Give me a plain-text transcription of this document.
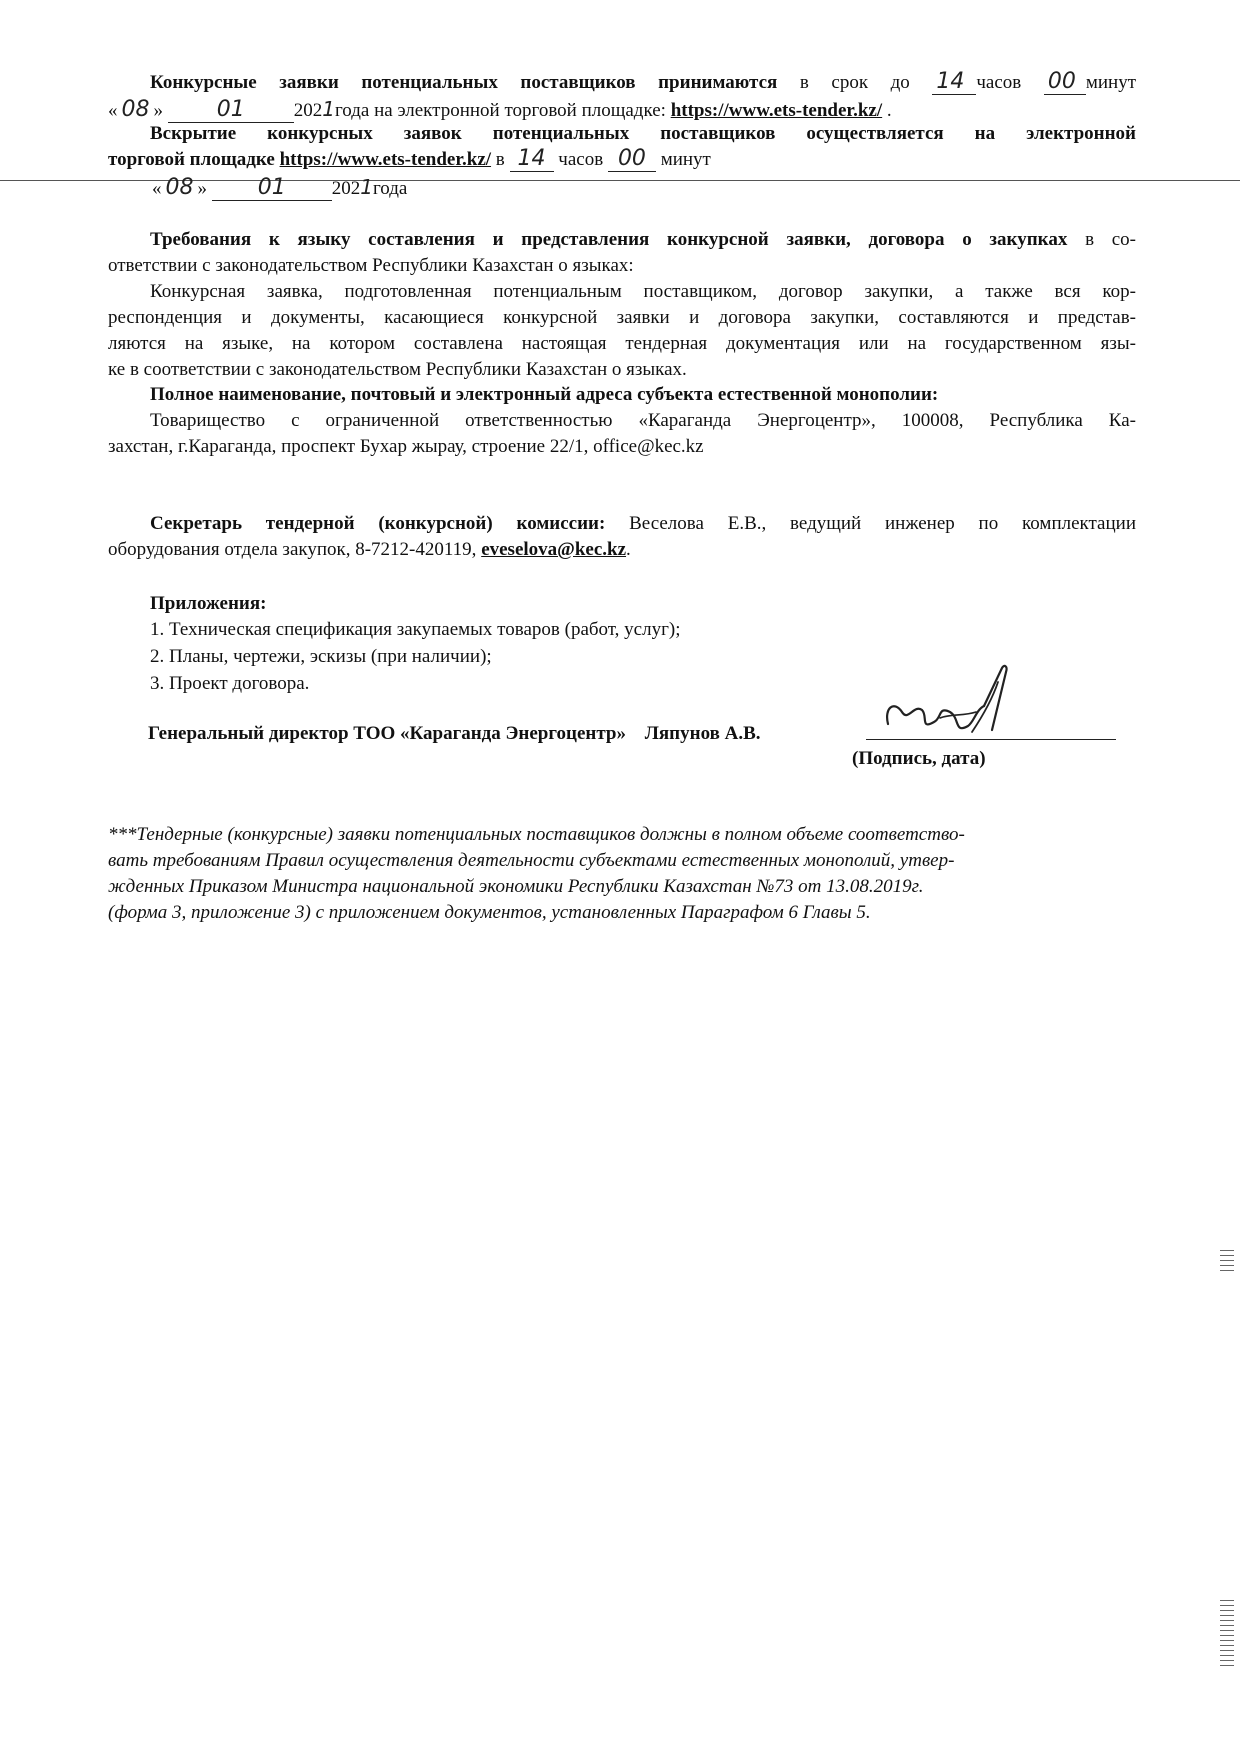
Конкурсные заявки потенциальных поставщиков принимаются в срок до 14 часов 00 минут
« 08 » 01	2021года на электронной торговой площадке: https://www.ets-tender.kz/ .
Вскрытие конкурсных заявок потенциальных поставщиков осуществляется на электронной
торговой площадке https://www.ets-tender.kz/ в 14 часов 00 минут
« 08 » 01 2021года
Требования к языку составления и представления конкурсной заявки, договора о закупках в со-
ответствии с законодательством Республики Казахстан о языках:
Конкурсная заявка, подготовленная потенциальным поставщиком, договор закупки, а также вся кор-
респонденция и документы, касающиеся конкурсной заявки и договора закупки, составляются и представ-
ляются на языке, на котором составлена настоящая тендерная документация или на государственном язы-
ке в соответствии с законодательством Республики Казахстан о языках.
Полное наименование, почтовый и электронный адреса субъекта естественной монополии:
Товарищество с ограниченной ответственностью «Караганда Энергоцентр», 100008, Республика Ка-
захстан, г.Караганда, проспект Бухар жырау, строение 22/1, office@kec.kz
Секретарь тендерной (конкурсной) комиссии: Веселова Е.В., ведущий инженер по комплектации
оборудования отдела закупок, 8-7212-420119, eveselova@kec.kz.
Приложения:
1. Техническая спецификация закупаемых товаров (работ, услуг);
2. Планы, чертежи, эскизы (при наличии);
3. Проект договора.
Генеральный директор ТОО «Караганда Энергоцентр» Ляпунов А.В.
(Подпись, дата)
***Тендерные (конкурсные) заявки потенциальных поставщиков должны в полном объеме соответство-
вать требованиям Правил осуществления деятельности субъектами естественных монополий, утвер-
жденных Приказом Министра национальной экономики Республики Казахстан №73 от 13.08.2019г.
(форма 3, приложение 3) с приложением документов, установленных Параграфом 6 Главы 5.
